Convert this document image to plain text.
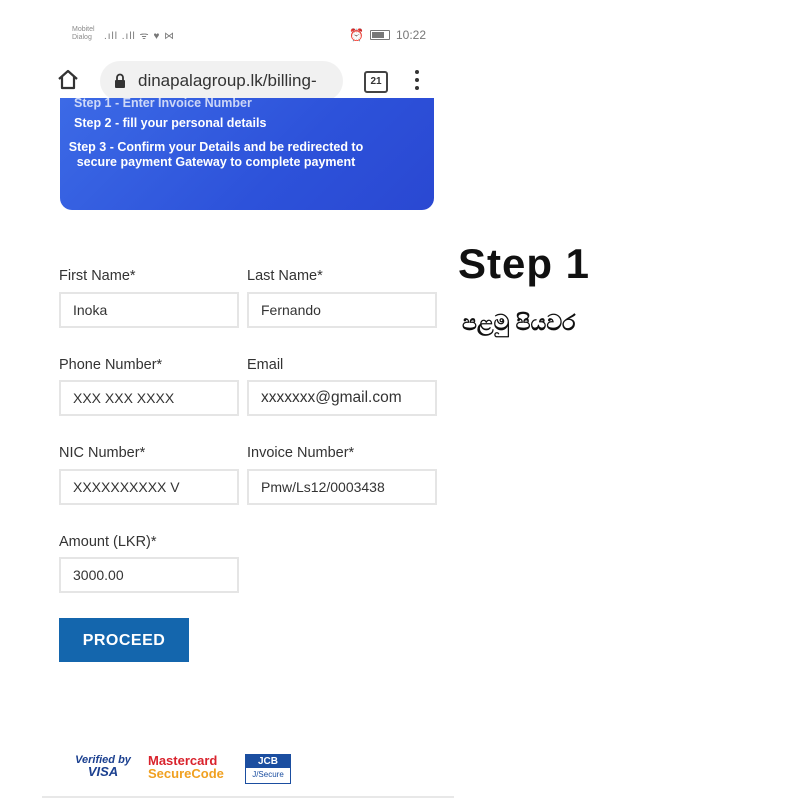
Mobitel
Dialog .ıll .ıll ᯤ ♥ ⋈	⏰	10:22
dinapalagroup.lk/billing-	21
Step 1 - Enter Invoice Number
Step 2 - fill your personal details
Step 3 - Confirm your Details and be redirected to secure payment Gateway to complete payment
First Name*
Inoka
Last Name*
Fernando
Phone Number*
XXX XXX XXXX
Email
xxxxxxx@gmail.com
NIC Number*
XXXXXXXXXX V
Invoice Number*
Pmw/Ls12/0003438
Amount (LKR)*
3000.00
PROCEED
Verified by
VISA
Mastercard
SecureCode
JCB
J/Secure
Step 1
පළමු පියවර
